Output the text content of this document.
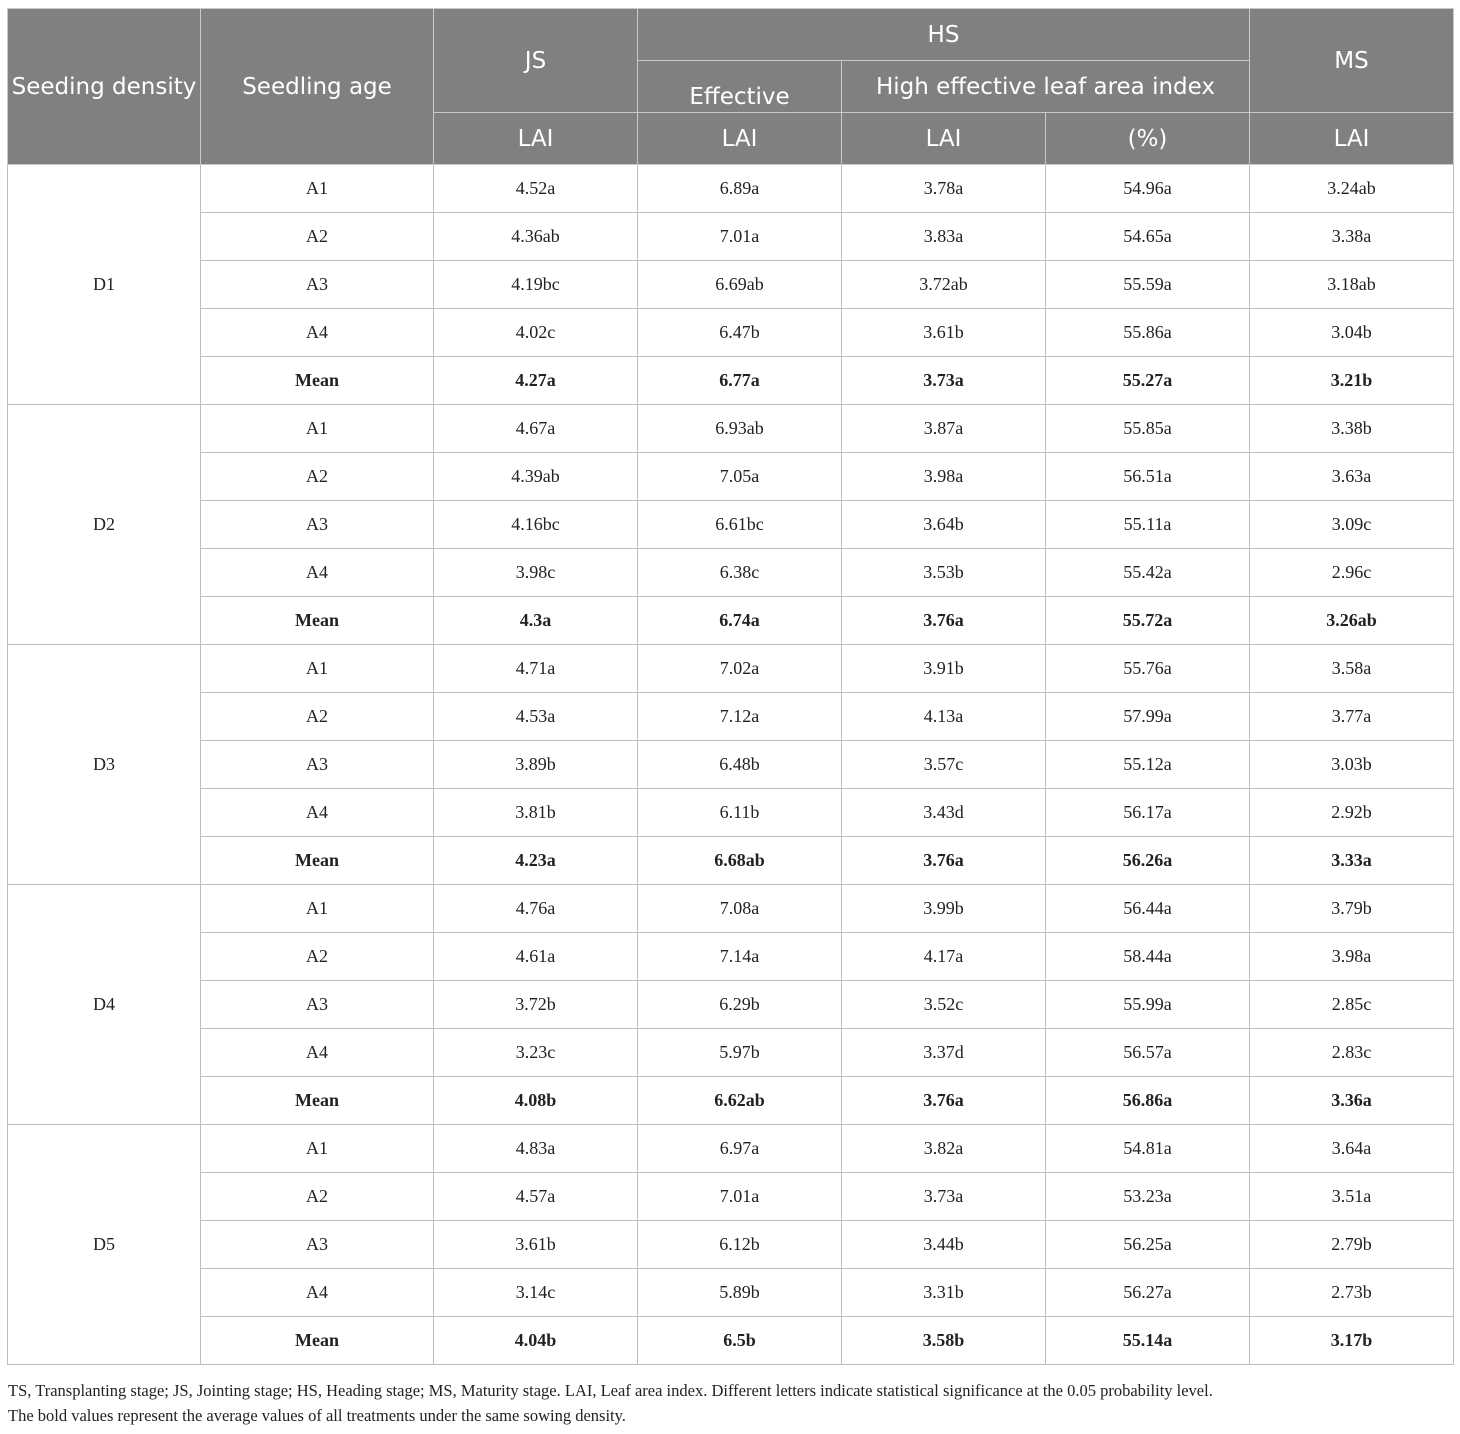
Seeding density	Seedling age	JS	HS			MS
			Effective	High effective leaf area index		
		LAI	LAI	LAI	(%)	LAI
D1	A1	4.52a	6.89a	3.78a	54.96a	3.24ab
	A2	4.36ab	7.01a	3.83a	54.65a	3.38a
	A3	4.19bc	6.69ab	3.72ab	55.59a	3.18ab
	A4	4.02c	6.47b	3.61b	55.86a	3.04b
	Mean	4.27a	6.77a	3.73a	55.27a	3.21b
D2	A1	4.67a	6.93ab	3.87a	55.85a	3.38b
	A2	4.39ab	7.05a	3.98a	56.51a	3.63a
	A3	4.16bc	6.61bc	3.64b	55.11a	3.09c
	A4	3.98c	6.38c	3.53b	55.42a	2.96c
	Mean	4.3a	6.74a	3.76a	55.72a	3.26ab
D3	A1	4.71a	7.02a	3.91b	55.76a	3.58a
	A2	4.53a	7.12a	4.13a	57.99a	3.77a
	A3	3.89b	6.48b	3.57c	55.12a	3.03b
	A4	3.81b	6.11b	3.43d	56.17a	2.92b
	Mean	4.23a	6.68ab	3.76a	56.26a	3.33a
D4	A1	4.76a	7.08a	3.99b	56.44a	3.79b
	A2	4.61a	7.14a	4.17a	58.44a	3.98a
	A3	3.72b	6.29b	3.52c	55.99a	2.85c
	A4	3.23c	5.97b	3.37d	56.57a	2.83c
	Mean	4.08b	6.62ab	3.76a	56.86a	3.36a
D5	A1	4.83a	6.97a	3.82a	54.81a	3.64a
	A2	4.57a	7.01a	3.73a	53.23a	3.51a
	A3	3.61b	6.12b	3.44b	56.25a	2.79b
	A4	3.14c	5.89b	3.31b	56.27a	2.73b
	Mean	4.04b	6.5b	3.58b	55.14a	3.17b
TS, Transplanting stage; JS, Jointing stage; HS, Heading stage; MS, Maturity stage. LAI, Leaf area index. Different letters indicate statistical significance at the 0.05 probability level.
The bold values represent the average values of all treatments under the same sowing density.
